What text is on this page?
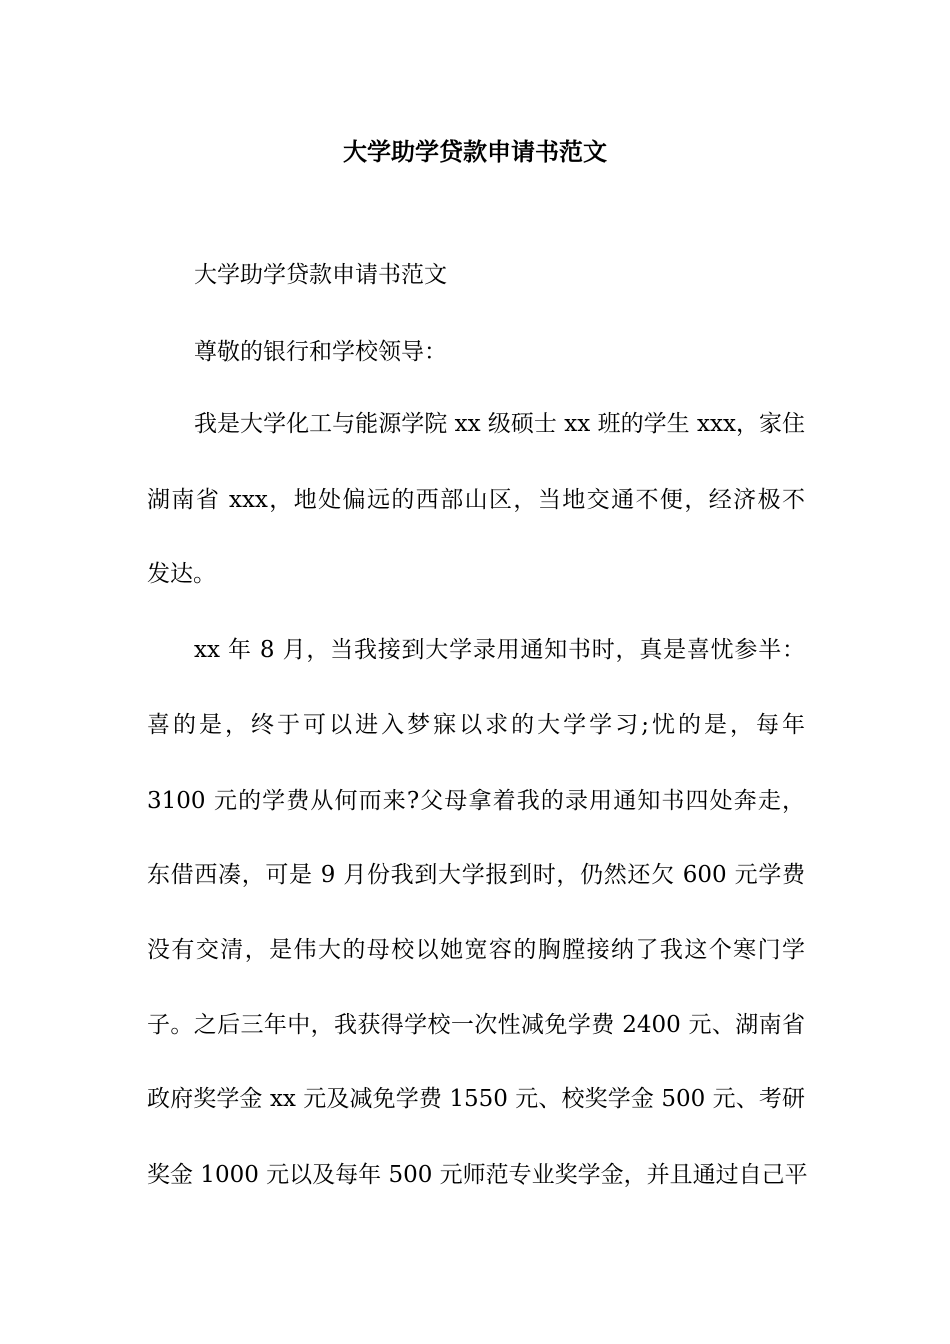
大学助学贷款申请书范文

大学助学贷款申请书范文

尊敬的银行和学校领导：

我是大学化工与能源学院 xx 级硕士 xx 班的学生 xxx，家住

湖南省 xxx，地处偏远的西部山区，当地交通不便，经济极不

发达。

xx 年 8 月，当我接到大学录用通知书时，真是喜忧参半：

喜的是，终于可以进入梦寐以求的大学学习;忧的是，每年

3100 元的学费从何而来?父母拿着我的录用通知书四处奔走，

东借西凑，可是 9 月份我到大学报到时，仍然还欠 600 元学费

没有交清，是伟大的母校以她宽容的胸膛接纳了我这个寒门学

子。之后三年中，我获得学校一次性减免学费 2400 元、湖南省

政府奖学金 xx 元及减免学费 1550 元、校奖学金 500 元、考研

奖金 1000 元以及每年 500 元师范专业奖学金，并且通过自己平
